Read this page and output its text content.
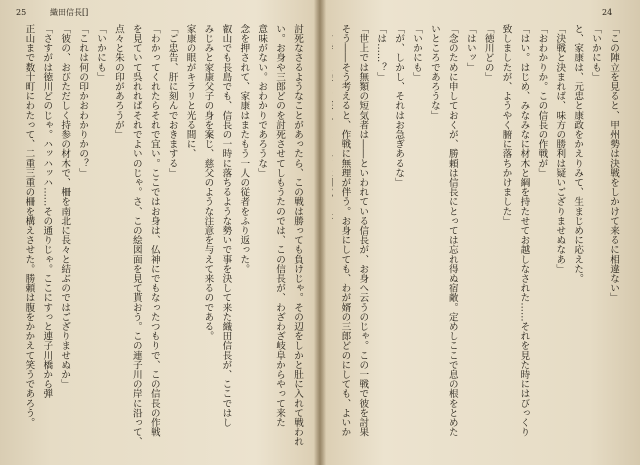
25	織田信長[]	24
「この陣立を見ると、甲州勢は決戦をしかけて来るに相違ない」
「いかにも」
と、家康は、元忠と康政をかえりみて、生まじめに応えた。
「決戦と決まれば、味方の勝利は疑いござりませぬなあ」
「おわかりか。この信長の作戦が」
「はい。はじめ、みなみなに材木と綱を持たせてお越しなされた……それを見た時にはびっくり
致しましたが、ようやく腑に落ちかけました」
「徳川どの」
「はいッ」
「念のために申しておくが、勝頼は信長にとっては忘れ得ぬ宿敵。定めしここで息の根をとめた
いところであろうな」
「いかにも」
「が、しかし、それはお急ぎあるな」
「は……？」
「世上では無類の短気者は――といわれている信長が、お身へ云うのじゃ。この一戦で彼を討果
そう――そう考えると、作戦に無理が伴う。お身にしても、わが婿の三郎どのにしても、よいか
討死なさるようなことがあったら、この戦は勝っても負けじゃ。その辺をしかと肚に入れて戦われ
い。お身や三郎どのを討死させてしもうたのでは、この信長が、わざわざ岐阜からやって来た
意味がない。おわかりであろうな」
念を押されて、家康はまたもう一人の従者をふり返った。
叡山でも長島でも、信長の一時に落ちるような勢いで事を決して来た織田信長が、ここではし
みじみと家康父子の身を案じ、慈父のような注意を与えて来るのである。
家康の眼がキラリと光る間に、
「ご忠告、肝に刻んでおきまする」
「わかってくれたらそれで宜い。ここではお身は、仏神にでもなったつもりで、この信長の作戦
を見ていて呉れればそれでよいのじゃ。さ、この絵図面を見て貰おう。この連子川の岸に沿って、
点々と朱の印があろうが」
「いかにも」
「これは何の印かおわかりかの？」
「彼の、おびただしく持参の材木で、柵を南北に長々と結ぶのではござりませぬか」
「さすがは徳川どのじゃ。ハッハッハ……その通りじゃ。ここにすっと連子川橋から弾
正山まで数十町にわたって、二重三重の柵を構えさせた。勝頼は腹をかかえて笑うであろう。
